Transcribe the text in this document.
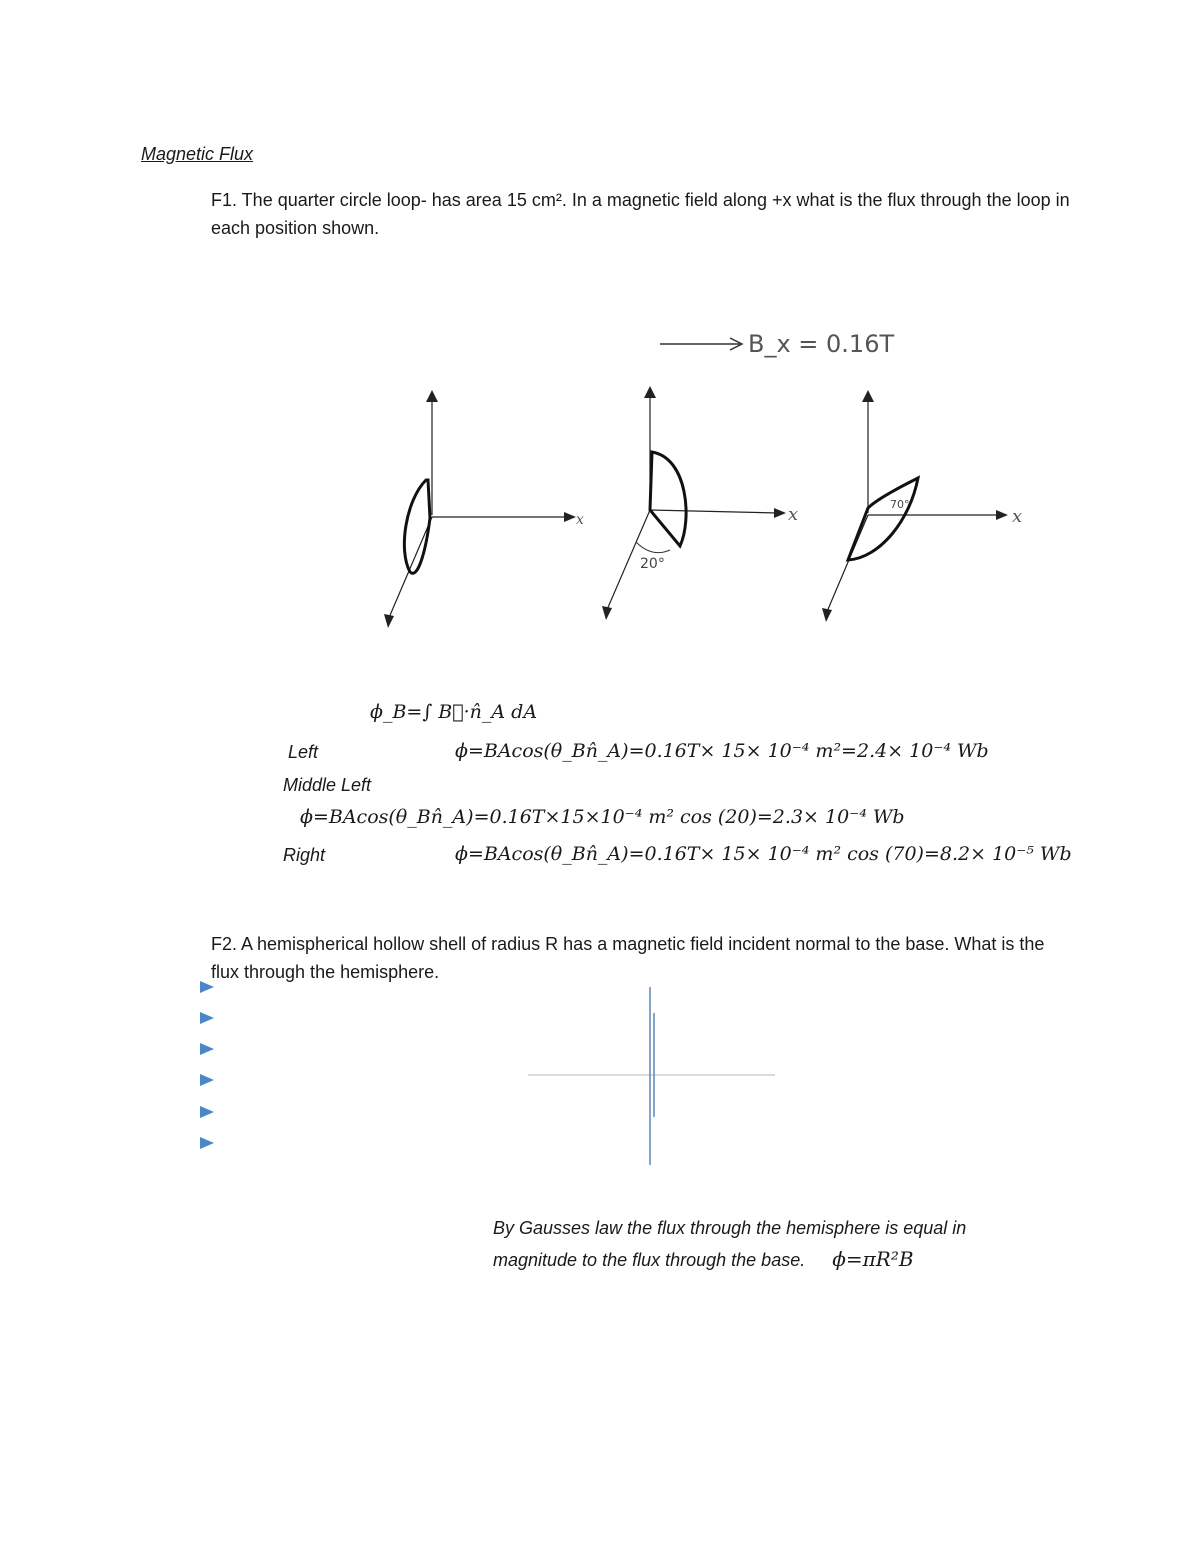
Magnetic Flux
F1. The quarter circle loop- has area 15 cm². In a magnetic field along +x what is the flux through the loop in each position shown.
B_x = 0.16T
x
20°
x	70°
x
ϕ_B=∫ B⃗·n̂_A dA
Left	ϕ=BAcos(θ_Bn̂_A)=0.16T× 15× 10⁻⁴ m²=2.4× 10⁻⁴ Wb
Middle Left
ϕ=BAcos(θ_Bn̂_A)=0.16T×15×10⁻⁴ m² cos (20)=2.3× 10⁻⁴ Wb
Right	ϕ=BAcos(θ_Bn̂_A)=0.16T× 15× 10⁻⁴ m² cos (70)=8.2× 10⁻⁵ Wb
F2. A hemispherical hollow shell of radius R has a magnetic field incident normal to the base. What is the flux through the hemisphere.
By Gausses law the flux through the hemisphere is equal in magnitude to the flux through the base. ϕ=πR²B
